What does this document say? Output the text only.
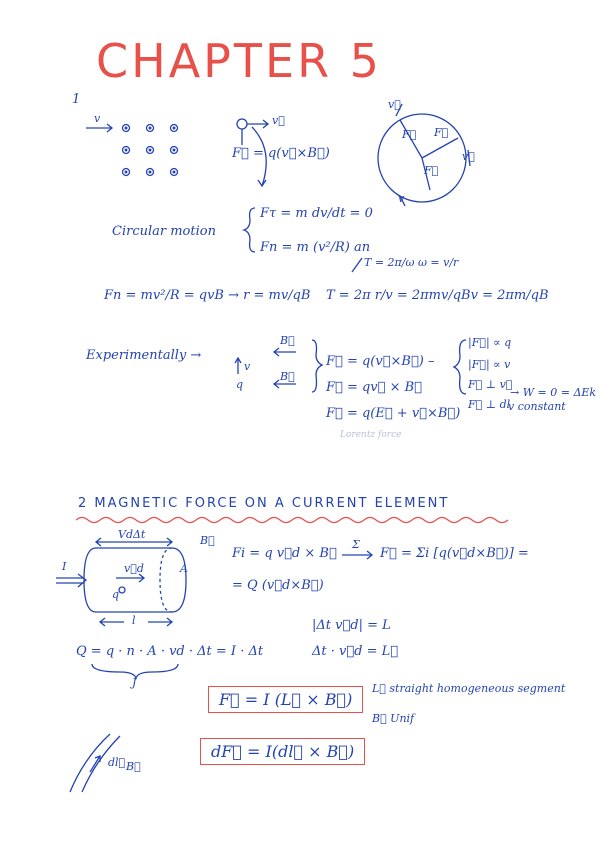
CHAPTER 5
1
v	v⃗
F⃗ = q(v⃗×B⃗)
v⃗
F⃗ F⃗
F⃗
v⃗
v
Circular motion
Fτ = m dv/dt = 0
Fn = m (v²/R) an
T = 2π/ω ω = v/r
Fn = mv²/R = qvB → r = mv/qB T = 2π r/v = 2πmv/qBv = 2πm/qB
Experimentally →
v
q
B⃗
B⃗
F⃗ = q(v⃗×B⃗) –
F⃗ = qv⃗ × B⃗
F⃗ = q(E⃗ + v⃗×B⃗)
Lorentz force
|F⃗| ∝ q
|F⃗| ∝ v
F⃗ ⊥ v⃗
F⃗ ⊥ dl
→ W = 0 = ΔEk
v constant
2 MAGNETIC FORCE ON A CURRENT ELEMENT
VdΔt	B⃗
I	v⃗d
q
A
l
Fi = q v⃗d × B⃗
Σ
F⃗ = Σi [q(v⃗d×B⃗)] =
= Q (v⃗d×B⃗)
|Δt v⃗d| = L
Δt · v⃗d = L⃗
Q = q · n · A · vd · Δt = I · Δt
J
F⃗ = I (L⃗ × B⃗)
L⃗ straight homogeneous segment
B⃗ Unif
dF⃗ = I(dl⃗ × B⃗)
dl⃗ B⃗
